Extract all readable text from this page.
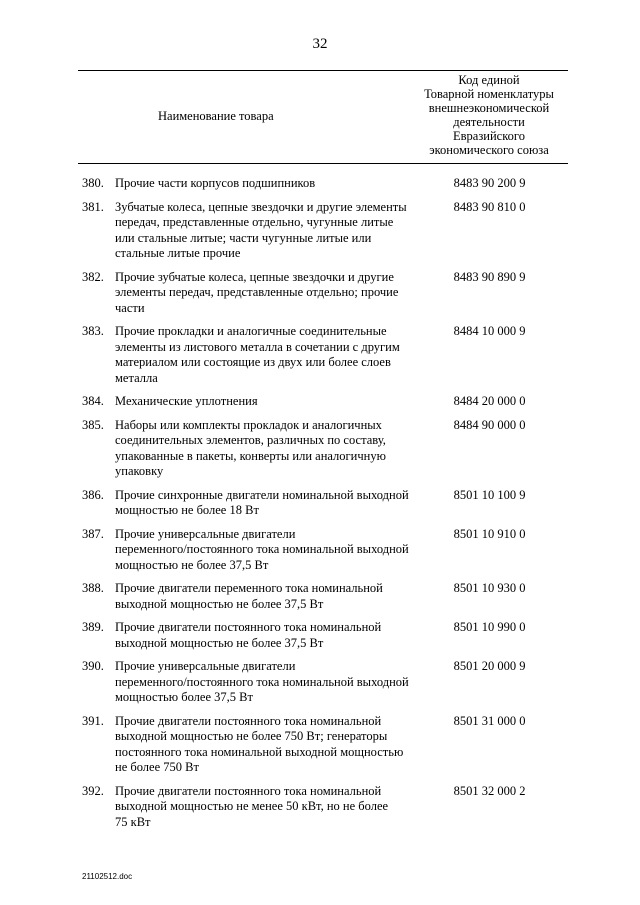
32
Наименование товара
Код единой
Товарной номенклатуры
внешнеэкономической
деятельности
Евразийского
экономического союза
380. Прочие части корпусов подшипников	8483 90 200 9
381. Зубчатые колеса, цепные звездочки и другие элементы
передач, представленные отдельно, чугунные литые
или стальные литые; части чугунные литые или
стальные литые прочие
8483 90 810 0
382. Прочие зубчатые колеса, цепные звездочки и другие
элементы передач, представленные отдельно; прочие
части
8483 90 890 9
383. Прочие прокладки и аналогичные соединительные
элементы из листового металла в сочетании с другим
материалом или состоящие из двух или более слоев
металла
8484 10 000 9
384. Механические уплотнения	8484 20 000 0
385. Наборы или комплекты прокладок и аналогичных
соединительных элементов, различных по составу,
упакованные в пакеты, конверты или аналогичную
упаковку
8484 90 000 0
386. Прочие синхронные двигатели номинальной выходной
мощностью не более 18 Вт
8501 10 100 9
387. Прочие универсальные двигатели
переменного/постоянного тока номинальной выходной
мощностью не более 37,5 Вт
8501 10 910 0
388. Прочие двигатели переменного тока номинальной
выходной мощностью не более 37,5 Вт
8501 10 930 0
389. Прочие двигатели постоянного тока номинальной
выходной мощностью не более 37,5 Вт
8501 10 990 0
390. Прочие универсальные двигатели
переменного/постоянного тока номинальной выходной
мощностью более 37,5 Вт
8501 20 000 9
391. Прочие двигатели постоянного тока номинальной
выходной мощностью не более 750 Вт; генераторы
постоянного тока номинальной выходной мощностью
не более 750 Вт
8501 31 000 0
392. Прочие двигатели постоянного тока номинальной
выходной мощностью не менее 50 кВт, но не более
75 кВт
8501 32 000 2
21102512.doc
